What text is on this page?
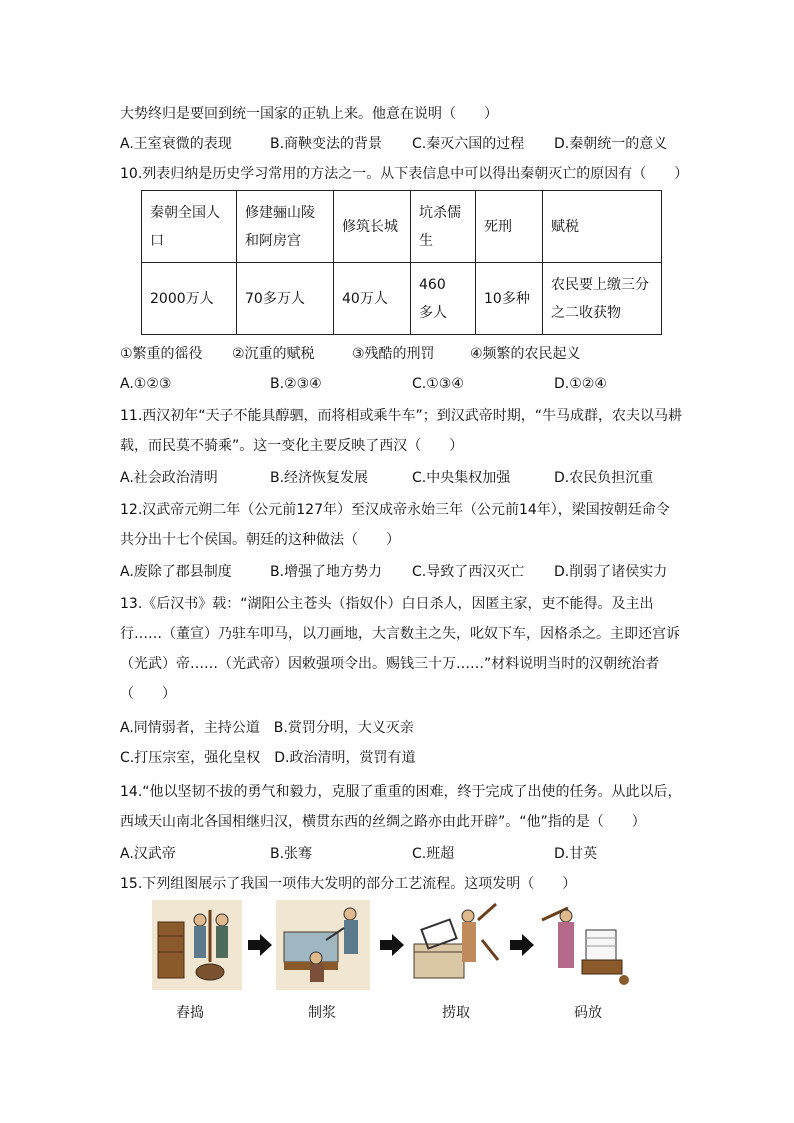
大势终归是要回到统一国家的正轨上来。他意在说明（　　）
A.王室衰微的表现	B.商鞅变法的背景 C.秦灭六国的过程 D.秦朝统一的意义
10.列表归纳是历史学习常用的方法之一。从下表信息中可以得出秦朝灭亡的原因有（　　）
秦朝全国人口	修建骊山陵和阿房宫	修筑长城	坑杀儒生	死刑	赋税
2000万人	70多万人	40万人	460　多人	10多种	农民要上缴三分之二收获物
①繁重的徭役 ②沉重的赋税	③残酷的刑罚	④频繁的农民起义
A.①②③	B.②③④	C.①③④	D.①②④
11.西汉初年“天子不能具醇驷，而将相或乘牛车”；到汉武帝时期，“牛马成群，农夫以马耕
载，而民莫不骑乘”。这一变化主要反映了西汉（　　）
A.社会政治清明	B.经济恢复发展	C.中央集权加强	D.农民负担沉重
12.汉武帝元朔二年（公元前127年）至汉成帝永始三年（公元前14年），梁国按朝廷命令
共分出十七个侯国。朝廷的这种做法（　　）
A.废除了郡县制度	B.增强了地方势力 C.导致了西汉灭亡 D.削弱了诸侯实力
13.《后汉书》载：“湖阳公主苍头（指奴仆）白日杀人，因匿主家，吏不能得。及主出
行……（董宣）乃驻车叩马，以刀画地，大言数主之失，叱奴下车，因格杀之。主即还宫诉
（光武）帝……（光武帝）因敕强项令出。赐钱三十万……”材料说明当时的汉朝统治者
（　　）
A.同情弱者，主持公道　B.赏罚分明，大义灭亲
C.打压宗室，强化皇权　D.政治清明，赏罚有道
14.“他以坚韧不拔的勇气和毅力，克服了重重的困难，终于完成了出使的任务。从此以后，
西域天山南北各国相继归汉，横贯东西的丝绸之路亦由此开辟”。“他”指的是（　　）
A.汉武帝	B.张骞	C.班超	D.甘英
15.下列组图展示了我国一项伟大发明的部分工艺流程。这项发明（　　）
舂捣	制浆	捞取	码放
